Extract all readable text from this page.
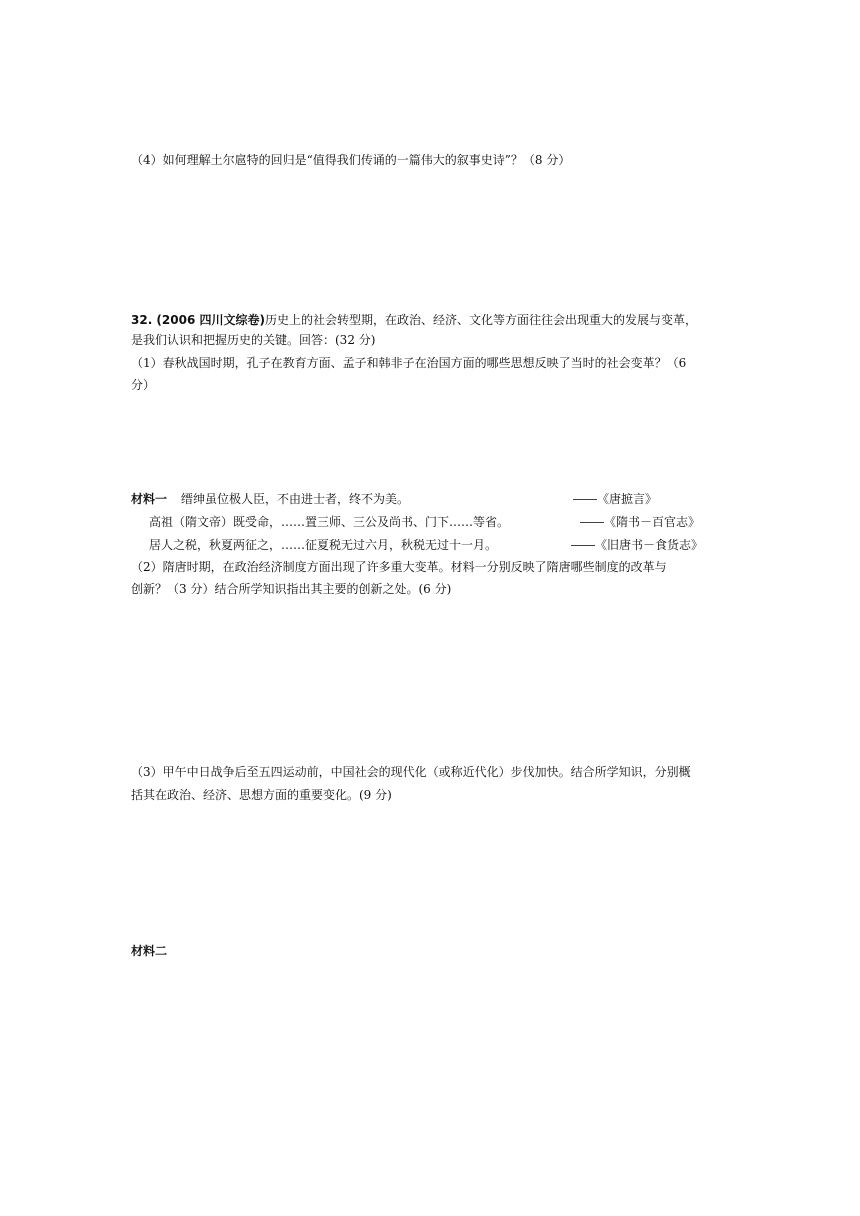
（4）如何理解土尔扈特的回归是“值得我们传诵的一篇伟大的叙事史诗”？（8 分）
32. (2006 四川文综卷)历史上的社会转型期，在政治、经济、文化等方面往往会出现重大的发展与变革，
是我们认识和把握历史的关键。回答：(32 分)
（1）春秋战国时期，孔子在教育方面、孟子和韩非子在治国方面的哪些思想反映了当时的社会变革？（6
分）
材料一 缙绅虽位极人臣，不由进士者，终不为美。	――《唐摭言》
高祖（隋文帝）既受命，……置三师、三公及尚书、门下……等省。	――《隋书－百官志》
居人之税，秋夏两征之，……征夏税无过六月，秋税无过十一月。	――《旧唐书－食货志》
（2）隋唐时期，在政治经济制度方面出现了许多重大变革。材料一分别反映了隋唐哪些制度的改革与
创新？（3 分）结合所学知识指出其主要的创新之处。(6 分)
（3）甲午中日战争后至五四运动前，中国社会的现代化（或称近代化）步伐加快。结合所学知识，分别概
括其在政治、经济、思想方面的重要变化。(9 分)
材料二
